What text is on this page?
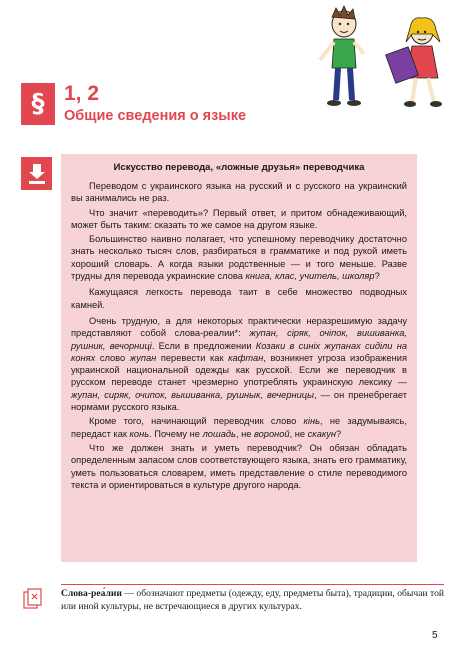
§ 1, 2
Общие сведения о языке
Искусство перевода, «ложные друзья» переводчика

Переводом с украинского языка на русский и с русского на украинский вы занимались не раз.

Что значит «переводить»? Первый ответ, и притом обнадеживающий, может быть таким: сказать то же самое на другом языке.

Большинство наивно полагает, что успешному переводчику достаточно знать несколько тысяч слов, разбираться в грамматике и под рукой иметь хороший словарь. А когда языки родственные — и того меньше. Разве трудны для перевода украинские слова книга, клас, учитель, школяр?

Кажущаяся легкость перевода таит в себе множество подводных камней.

Очень трудную, а для некоторых практически неразрешимую задачу представляют собой слова-реалии*: жупан, сіряк, очіпок, вишиванка, рушник, вечорниці. Если в предложении Козаки в синіх жупанах сиділи на конях слово жупан перевести как кафтан, возникнет угроза изображения украинской национальной одежды как русской. Если же переводчик в русском переводе станет чрезмерно употреблять украинскую лексику — жупан, сиряк, очипок, вышиванка, рушнык, вечерницы, — он пренебрегает нормами русского языка.

Кроме того, начинающий переводчик слово кінь, не задумываясь, передаст как конь. Почему не лошадь, не вороной, не скакун?

Что же должен знать и уметь переводчик? Он обязан обладать определенным запасом слов соответствующего языка, знать его грамматику, уметь пользоваться словарем, иметь представление о стиле переводимого текста и ориентироваться в культуре другого народа.

Слова-реа́лии — обозначают предметы (одежду, еду, предметы быта), традиции, обычаи той или иной культуры, не встречающиеся в других культурах.
5
